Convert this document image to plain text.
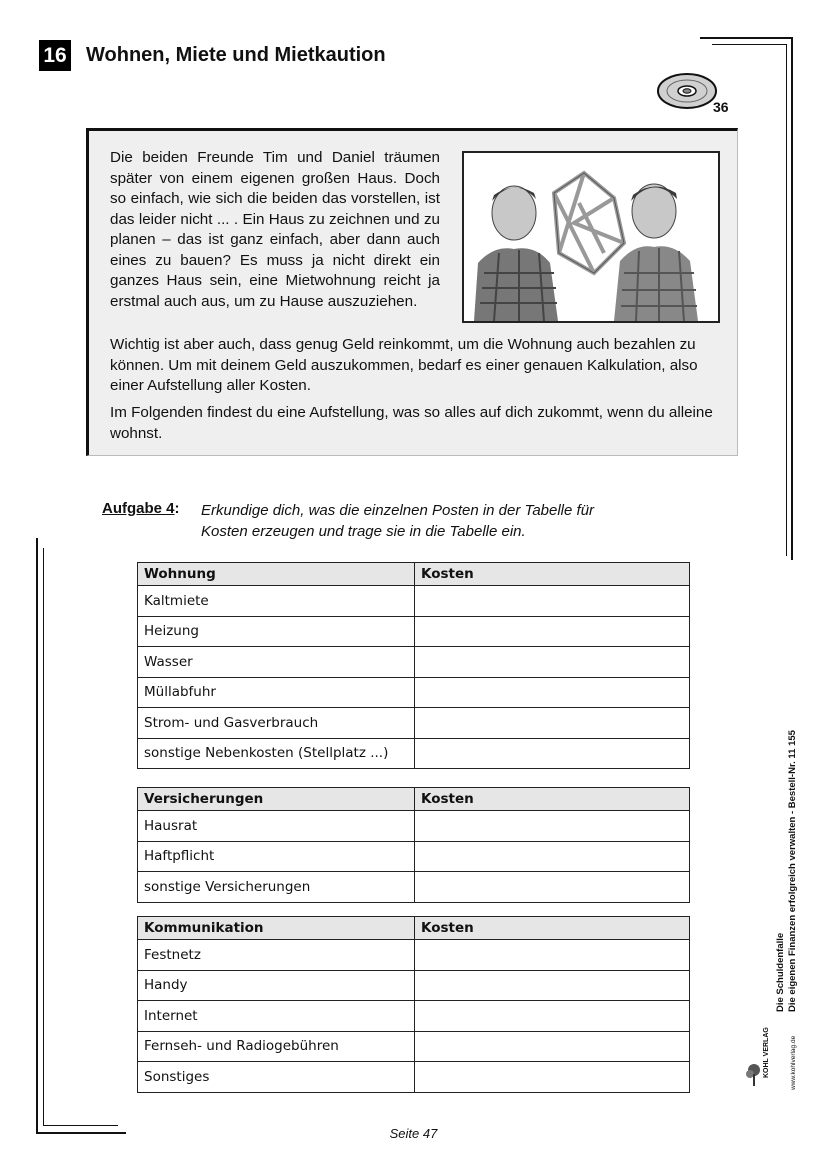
16 Wohnen, Miete und Mietkaution
36

Die beiden Freunde Tim und Daniel träumen später von einem eigenen großen Haus. Doch so einfach, wie sich die beiden das vorstellen, ist das leider nicht ... . Ein Haus zu zeichnen und zu planen – das ist ganz einfach, aber dann auch eines zu bauen? Es muss ja nicht direkt ein ganzes Haus sein, eine Mietwohnung reicht ja erstmal auch aus, um zu Hause auszuziehen.

Wichtig ist aber auch, dass genug Geld reinkommt, um die Wohnung auch bezahlen zu können. Um mit deinem Geld auszukommen, bedarf es einer genauen Kalkulation, also einer Aufstellung aller Kosten.

Im Folgenden findest du eine Aufstellung, was so alles auf dich zukommt, wenn du alleine wohnst.

Aufgabe 4: Erkundige dich, was die einzelnen Posten in der Tabelle für Kosten erzeugen und trage sie in die Tabelle ein.
Wohnung	Kosten
Kaltmiete	
Heizung	
Wasser	
Müllabfuhr	
Strom- und Gasverbrauch	
sonstige Nebenkosten (Stellplatz ...)	
Versicherungen	Kosten
Hausrat	
Haftpflicht	
sonstige Versicherungen	
Kommunikation	Kosten
Festnetz	
Handy	
Internet	
Fernseh- und Radiogebühren	
Sonstiges	
Die Schuldenfalle Die eigenen Finanzen erfolgreich verwalten - Bestell-Nr. 11 155
KOHL VERLAG	www.kohlverlag.de
Seite 47
